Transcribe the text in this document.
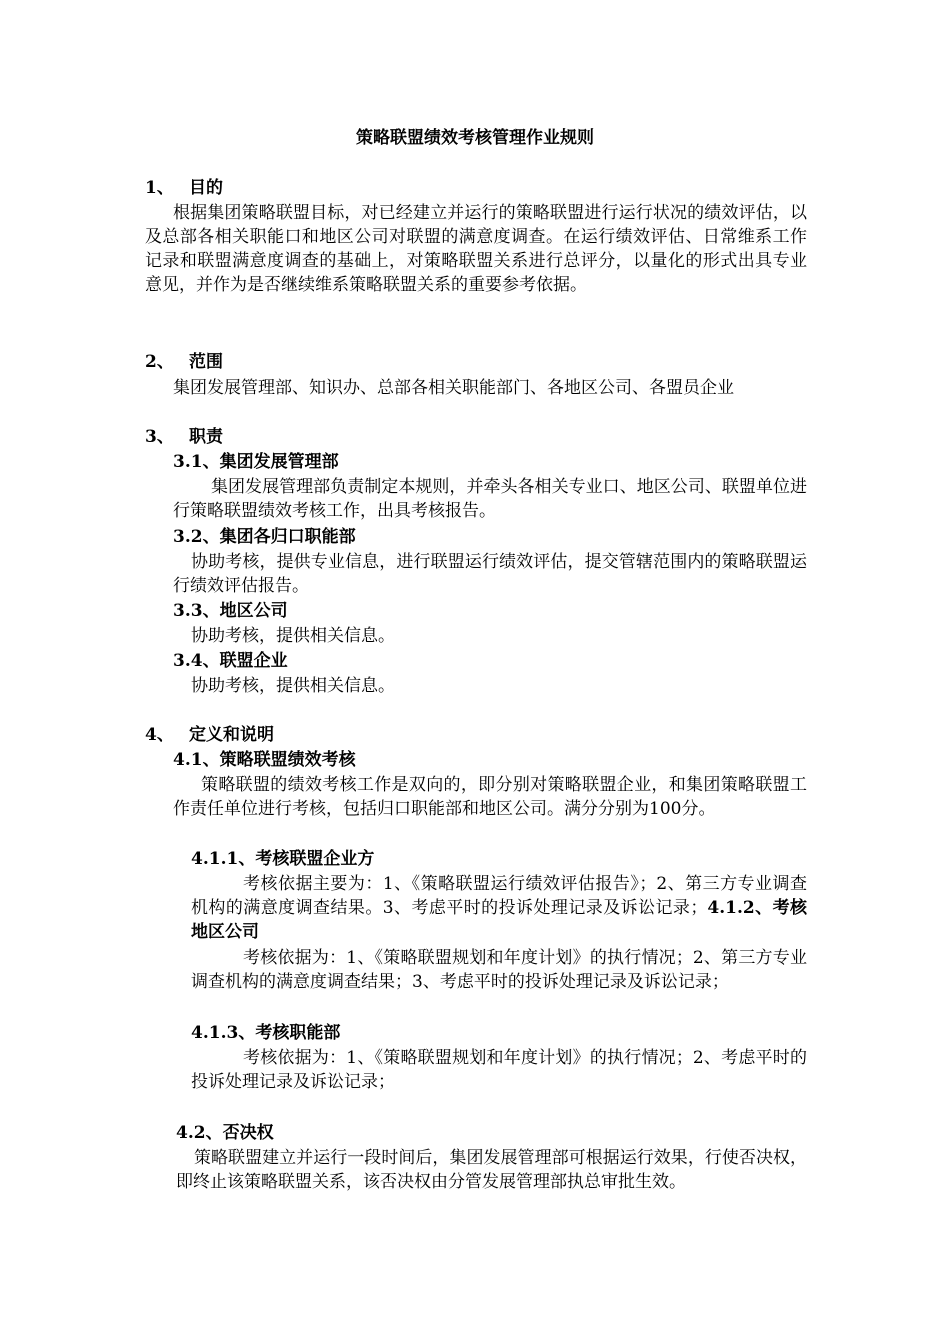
策略联盟绩效考核管理作业规则
1、 目的
根据集团策略联盟目标，对已经建立并运行的策略联盟进行运行状况的绩效评估，以及总部各相关职能口和地区公司对联盟的满意度调查。在运行绩效评估、日常维系工作记录和联盟满意度调查的基础上，对策略联盟关系进行总评分，以量化的形式出具专业意见，并作为是否继续维系策略联盟关系的重要参考依据。
2、 范围
集团发展管理部、知识办、总部各相关职能部门、各地区公司、各盟员企业
3、 职责
3.1、集团发展管理部
集团发展管理部负责制定本规则，并牵头各相关专业口、地区公司、联盟单位进行策略联盟绩效考核工作，出具考核报告。
3.2、集团各归口职能部
协助考核，提供专业信息，进行联盟运行绩效评估，提交管辖范围内的策略联盟运行绩效评估报告。
3.3、地区公司
协助考核，提供相关信息。
3.4、联盟企业
协助考核，提供相关信息。
4、 定义和说明
4.1、策略联盟绩效考核
策略联盟的绩效考核工作是双向的，即分别对策略联盟企业，和集团策略联盟工作责任单位进行考核，包括归口职能部和地区公司。满分分别为100分。
4.1.1、考核联盟企业方
考核依据主要为：1、《策略联盟运行绩效评估报告》；2、第三方专业调查机构的满意度调查结果。3、考虑平时的投诉处理记录及诉讼记录；4.1.2、考核地区公司
考核依据为：1、《策略联盟规划和年度计划》的执行情况；2、第三方专业调查机构的满意度调查结果；3、考虑平时的投诉处理记录及诉讼记录；
4.1.3、考核职能部
考核依据为：1、《策略联盟规划和年度计划》的执行情况；2、考虑平时的投诉处理记录及诉讼记录；
4.2、否决权
策略联盟建立并运行一段时间后，集团发展管理部可根据运行效果，行使否决权，即终止该策略联盟关系，该否决权由分管发展管理部执总审批生效。
